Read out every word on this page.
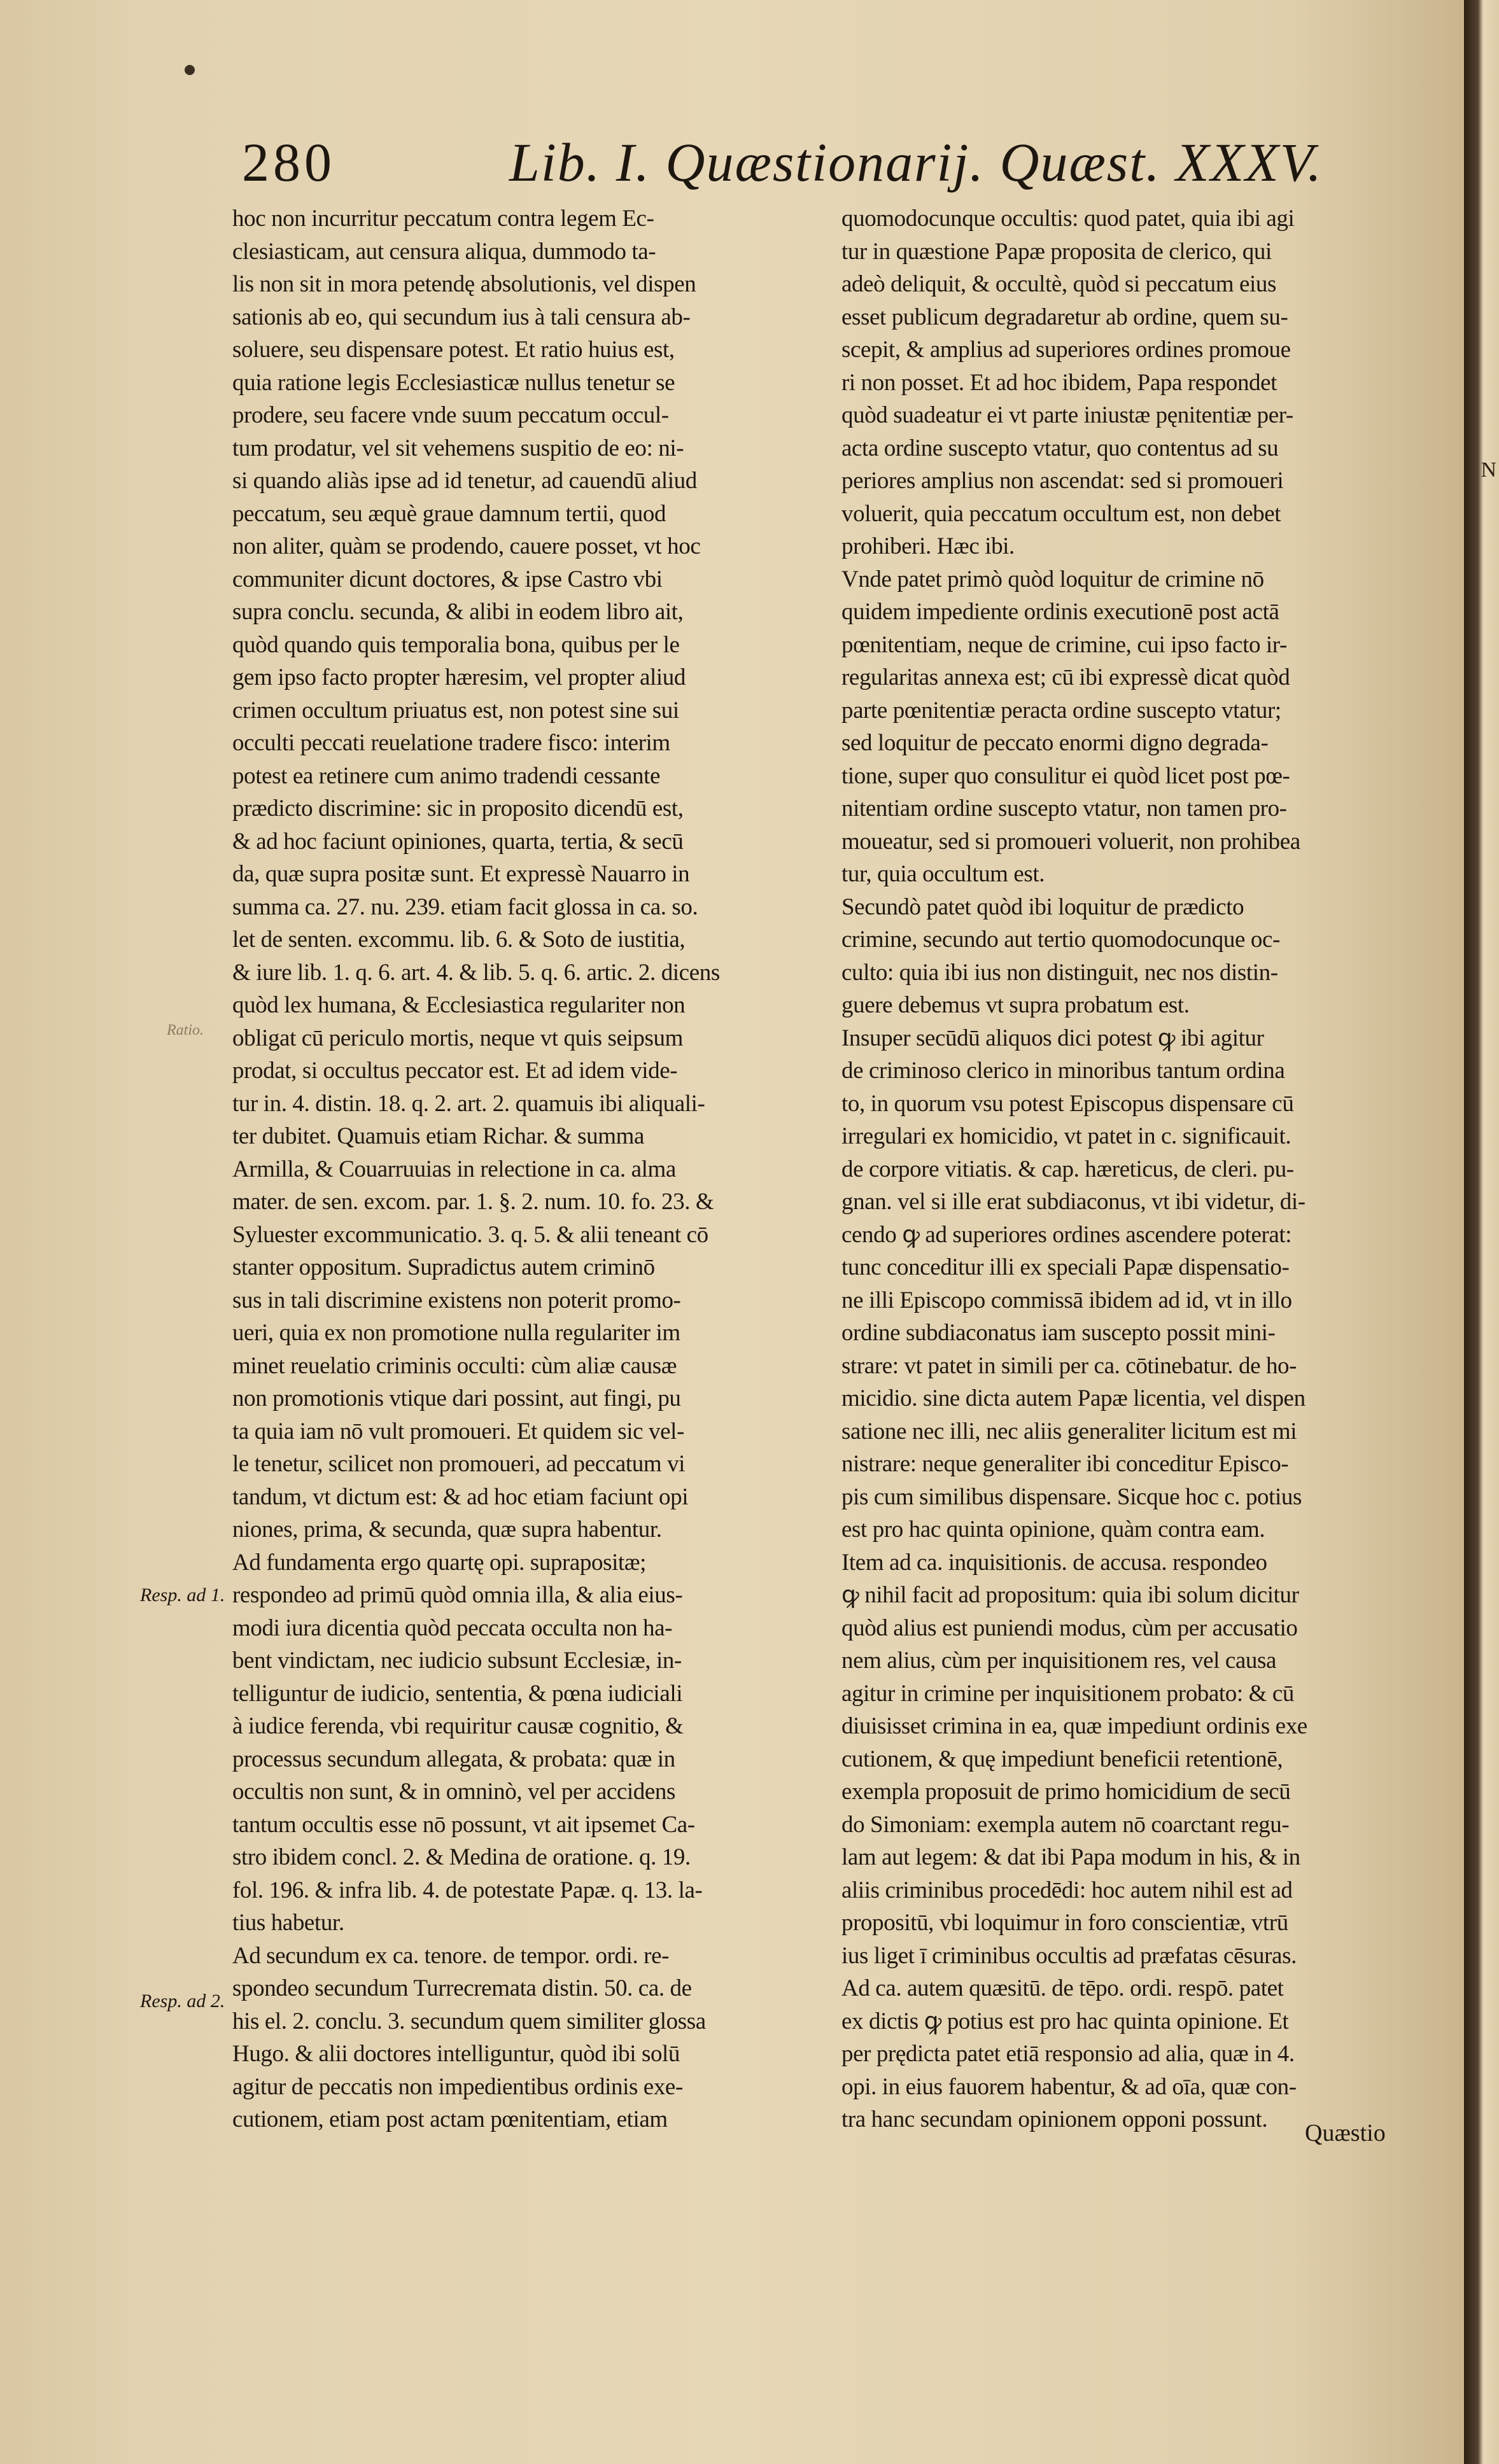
280	Lib. I. Quæstionarij. Quæst. XXXV.
hoc non incurritur peccatum contra legem Ec-
clesiasticam, aut censura aliqua, dummodo ta-
lis non sit in mora petendę absolutionis, vel dispen
sationis ab eo, qui secundum ius à tali censura ab-
soluere, seu dispensare potest. Et ratio huius est,
quia ratione legis Ecclesiasticæ nullus tenetur se
prodere, seu facere vnde suum peccatum occul-
tum prodatur, vel sit vehemens suspitio de eo: ni-
si quando aliàs ipse ad id tenetur, ad cauendū aliud
peccatum, seu æquè graue damnum tertii, quod
non aliter, quàm se prodendo, cauere posset, vt hoc
communiter dicunt doctores, & ipse Castro vbi
supra conclu. secunda, & alibi in eodem libro ait,
quòd quando quis temporalia bona, quibus per le
gem ipso facto propter hæresim, vel propter aliud
crimen occultum priuatus est, non potest sine sui
occulti peccati reuelatione tradere fisco: interim
potest ea retinere cum animo tradendi cessante
prædicto discrimine: sic in proposito dicendū est,
& ad hoc faciunt opiniones, quarta, tertia, & secū
da, quæ supra positæ sunt. Et expressè Nauarro in
summa ca. 27. nu. 239. etiam facit glossa in ca. so.
let de senten. excommu. lib. 6. & Soto de iustitia,
& iure lib. 1. q. 6. art. 4. & lib. 5. q. 6. artic. 2. dicens
quòd lex humana, & Ecclesiastica regulariter non
obligat cū periculo mortis, neque vt quis seipsum
prodat, si occultus peccator est. Et ad idem vide-
tur in. 4. distin. 18. q. 2. art. 2. quamuis ibi aliquali-
ter dubitet. Quamuis etiam Richar. & summa
Armilla, & Couarruuias in relectione in ca. alma
mater. de sen. excom. par. 1. §. 2. num. 10. fo. 23. &
Syluester excommunicatio. 3. q. 5. & alii teneant cō
stanter oppositum. Supradictus autem criminō
sus in tali discrimine existens non poterit promo-
ueri, quia ex non promotione nulla regulariter im
minet reuelatio criminis occulti: cùm aliæ causæ
non promotionis vtique dari possint, aut fingi, pu
ta quia iam nō vult promoueri. Et quidem sic vel-
le tenetur, scilicet non promoueri, ad peccatum vi
tandum, vt dictum est: & ad hoc etiam faciunt opi
niones, prima, & secunda, quæ supra habentur.
Ad fundamenta ergo quartę opi. suprapositæ;
respondeo ad primū quòd omnia illa, & alia eius-
modi iura dicentia quòd peccata occulta non ha-
bent vindictam, nec iudicio subsunt Ecclesiæ, in-
telliguntur de iudicio, sententia, & pœna iudiciali
à iudice ferenda, vbi requiritur causæ cognitio, &
processus secundum allegata, & probata: quæ in
occultis non sunt, & in omninò, vel per accidens
tantum occultis esse nō possunt, vt ait ipsemet Ca-
stro ibidem concl. 2. & Medina de oratione. q. 19.
fol. 196. & infra lib. 4. de potestate Papæ. q. 13. la-
tius habetur.
Ad secundum ex ca. tenore. de tempor. ordi. re-
spondeo secundum Turrecremata distin. 50. ca. de
his el. 2. conclu. 3. secundum quem similiter glossa
Hugo. & alii doctores intelliguntur, quòd ibi solū
agitur de peccatis non impedientibus ordinis exe-
cutionem, etiam post actam pœnitentiam, etiam
quomodocunque occultis: quod patet, quia ibi agi
tur in quæstione Papæ proposita de clerico, qui
adeò deliquit, & occultè, quòd si peccatum eius
esset publicum degradaretur ab ordine, quem su-
scepit, & amplius ad superiores ordines promoue
ri non posset. Et ad hoc ibidem, Papa respondet
quòd suadeatur ei vt parte iniustæ pęnitentiæ per-
acta ordine suscepto vtatur, quo contentus ad su
periores amplius non ascendat: sed si promoueri
voluerit, quia peccatum occultum est, non debet
prohiberi. Hæc ibi.
Vnde patet primò quòd loquitur de crimine nō
quidem impediente ordinis executionē post actā
pœnitentiam, neque de crimine, cui ipso facto ir-
regularitas annexa est; cū ibi expressè dicat quòd
parte pœnitentiæ peracta ordine suscepto vtatur;
sed loquitur de peccato enormi digno degrada-
tione, super quo consulitur ei quòd licet post pœ-
nitentiam ordine suscepto vtatur, non tamen pro-
moueatur, sed si promoueri voluerit, non prohibea
tur, quia occultum est.
Secundò patet quòd ibi loquitur de prædicto
crimine, secundo aut tertio quomodocunque oc-
culto: quia ibi ius non distinguit, nec nos distin-
guere debemus vt supra probatum est.
Insuper secūdū aliquos dici potest ꝙ ibi agitur
de criminoso clerico in minoribus tantum ordina
to, in quorum vsu potest Episcopus dispensare cū
irregulari ex homicidio, vt patet in c. significauit.
de corpore vitiatis. & cap. hæreticus, de cleri. pu-
gnan. vel si ille erat subdiaconus, vt ibi videtur, di-
cendo ꝙ ad superiores ordines ascendere poterat:
tunc conceditur illi ex speciali Papæ dispensatio-
ne illi Episcopo commissā ibidem ad id, vt in illo
ordine subdiaconatus iam suscepto possit mini-
strare: vt patet in simili per ca. cōtinebatur. de ho-
micidio. sine dicta autem Papæ licentia, vel dispen
satione nec illi, nec aliis generaliter licitum est mi
nistrare: neque generaliter ibi conceditur Episco-
pis cum similibus dispensare. Sicque hoc c. potius
est pro hac quinta opinione, quàm contra eam.
Item ad ca. inquisitionis. de accusa. respondeo
ꝙ nihil facit ad propositum: quia ibi solum dicitur
quòd alius est puniendi modus, cùm per accusatio
nem alius, cùm per inquisitionem res, vel causa
agitur in crimine per inquisitionem probato: & cū
diuisisset crimina in ea, quæ impediunt ordinis exe
cutionem, & quę impediunt beneficii retentionē,
exempla proposuit de primo homicidium de secū
do Simoniam: exempla autem nō coarctant regu-
lam aut legem: & dat ibi Papa modum in his, & in
aliis criminibus procedēdi: hoc autem nihil est ad
propositū, vbi loquimur in foro conscientiæ, vtrū
ius liget ī criminibus occultis ad præfatas cēsuras.
Ad ca. autem quæsitū. de tēpo. ordi. respō. patet
ex dictis ꝙ potius est pro hac quinta opinione. Et
per prędicta patet etiā responsio ad alia, quæ in 4.
opi. in eius fauorem habentur, & ad oīa, quæ con-
tra hanc secundam opinionem opponi possunt.
Ratio.
Resp. ad 1.
Resp. ad 2.
Quæstio
N
